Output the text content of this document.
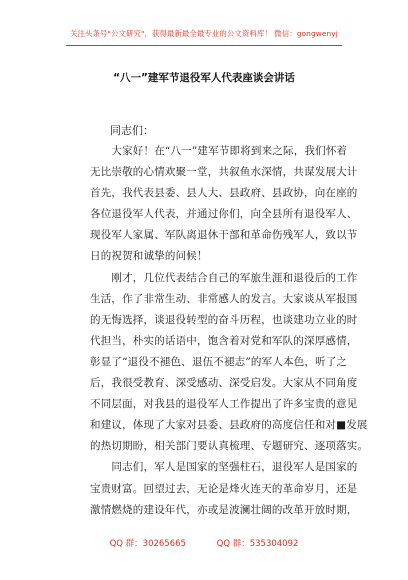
关注头条号"公文研究"，获得最新最全最专业的公文资料库！ 微信：gongwenyj
“八一”建军节退役军人代表座谈会讲话
同志们：
　　大家好！在“八一”建军节即将到来之际，我们怀着
无比崇敬的心情欢聚一堂，共叙鱼水深情，共谋发展大计
首先，我代表县委、县人大、县政府、县政协，向在座的
各位退役军人代表，并通过你们，向全县所有退役军人、
现役军人家属、军队离退休干部和革命伤残军人，致以节
日的祝贺和诚挚的问候！
　　刚才，几位代表结合自己的军旅生涯和退役后的工作
生活，作了非常生动、非常感人的发言。大家谈从军报国
的无悔选择，谈退役转型的奋斗历程，也谈建功立业的时
代担当，朴实的话语中，饱含着对党和军队的深厚感情，
彰显了“退役不褪色、退伍不褪志”的军人本色，听了之
后，我很受教育、深受感动、深受启发。大家从不同角度
不同层面，对我县的退役军人工作提出了许多宝贵的意见
和建议，体现了大家对县委、县政府的高度信任和对■发展
的热切期盼，相关部门要认真梳理、专题研究、逐项落实。
　　同志们，军人是国家的坚强柱石，退役军人是国家的
宝贵财富。回望过去，无论是烽火连天的革命岁月，还是
激情燃烧的建设年代，亦或是波澜壮阔的改革开放时期，
QQ 群：30265665	QQ 群：535304092
